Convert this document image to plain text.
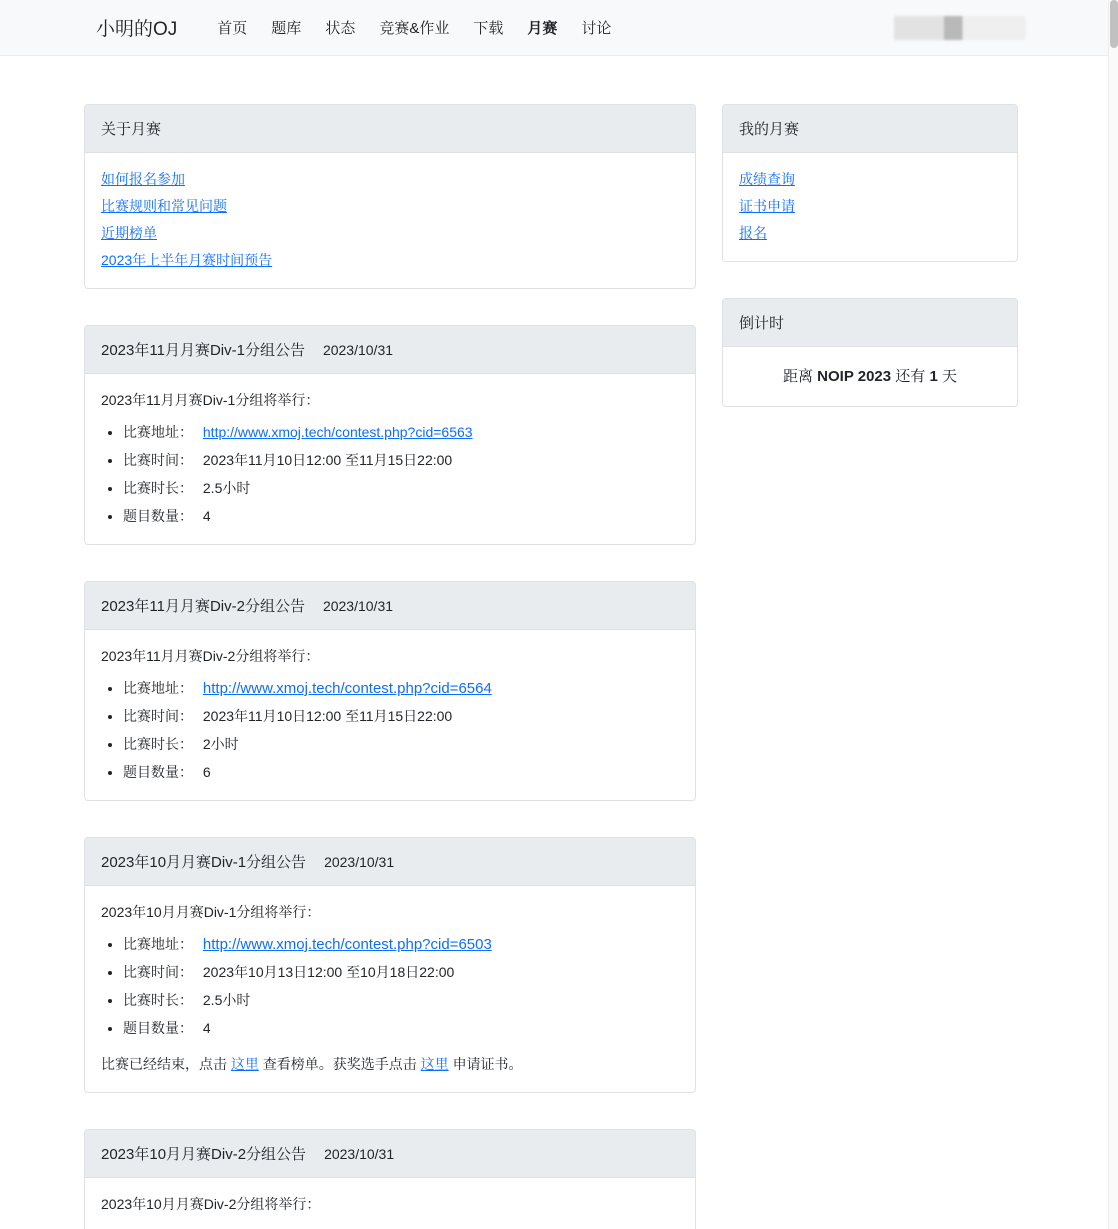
小明的OJ	首页	题库	状态	竞赛&作业	下载	月赛	讨论
关于月赛
如何报名参加
比赛规则和常见问题
近期榜单
2023年上半年月赛时间预告
2023年11月月赛Div-1分组公告 2023/10/31

2023年11月月赛Div-1分组将举行：

• 比赛地址： http://www.xmoj.tech/contest.php?cid=6563
• 比赛时间： 2023年11月10日12:00 至11月15日22:00
• 比赛时长： 2.5小时
• 题目数量： 4
2023年11月月赛Div-2分组公告 2023/10/31

2023年11月月赛Div-2分组将举行：

• 比赛地址： http://www.xmoj.tech/contest.php?cid=6564
• 比赛时间： 2023年11月10日12:00 至11月15日22:00
• 比赛时长： 2小时
• 题目数量： 6
2023年10月月赛Div-1分组公告 2023/10/31

2023年10月月赛Div-1分组将举行：

• 比赛地址： http://www.xmoj.tech/contest.php?cid=6503
• 比赛时间： 2023年10月13日12:00 至10月18日22:00
• 比赛时长： 2.5小时
• 题目数量： 4

比赛已经结束，点击 这里 查看榜单。获奖选手点击 这里 申请证书。

2023年10月月赛Div-2分组公告 2023/10/31

2023年10月月赛Div-2分组将举行：

我的月赛
成绩查询
证书申请
报名
倒计时
距离 NOIP 2023 还有 1 天
